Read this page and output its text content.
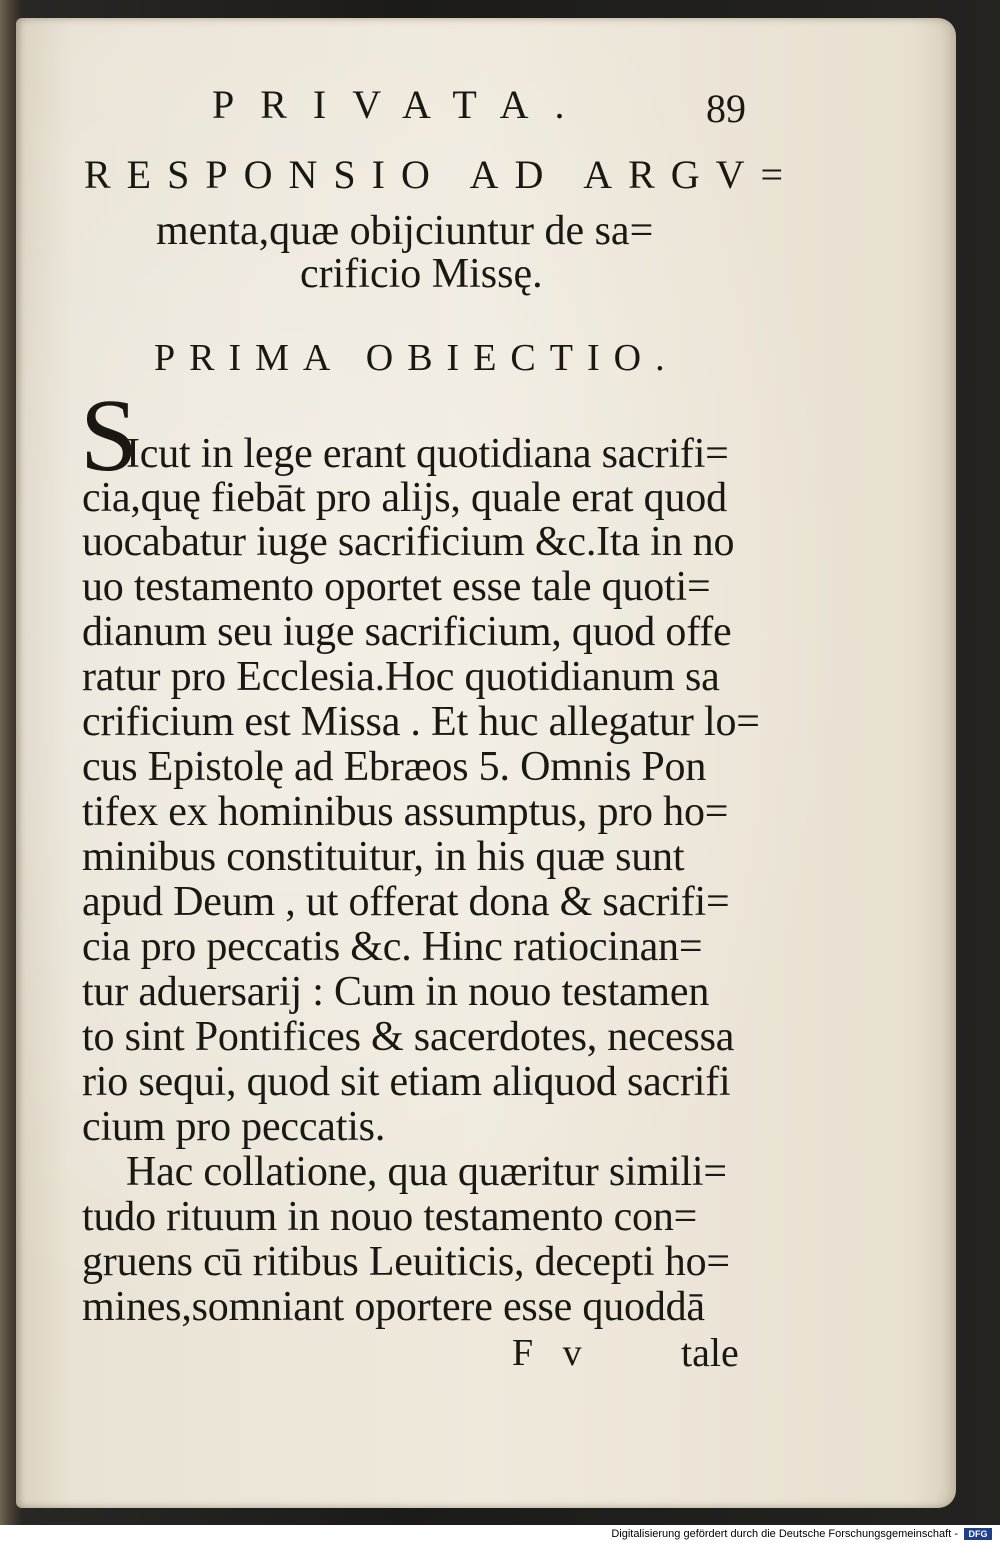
PRIVATA.	89
RESPONSIO AD ARGV=
menta,quæ obijciuntur de sa=
crificio Missę.
PRIMA OBIECTIO.
S
Icut in lege erant quotidiana sacrifi=
cia,quę fiebāt pro alijs, quale erat quod
uocabatur iuge sacrificium &c.Ita in no
uo testamento oportet esse tale quoti=
dianum seu iuge sacrificium, quod offe
ratur pro Ecclesia.Hoc quotidianum sa
crificium est Missa . Et huc allegatur lo=
cus Epistolę ad Ebræos 5. Omnis Pon
tifex ex hominibus assumptus, pro ho=
minibus constituitur, in his quæ sunt
apud Deum , ut offerat dona & sacrifi=
cia pro peccatis &c. Hinc ratiocinan=
tur aduersarij : Cum in nouo testamen
to sint Pontifices & sacerdotes, necessa
rio sequi, quod sit etiam aliquod sacrifi
cium pro peccatis.
Hac collatione, qua quæritur simili=
tudo rituum in nouo testamento con=
gruens cū ritibus Leuiticis, decepti ho=
mines,somniant oportere esse quoddā
F v tale
Digitalisierung gefördert durch die Deutsche Forschungsgemeinschaft -	DFG
